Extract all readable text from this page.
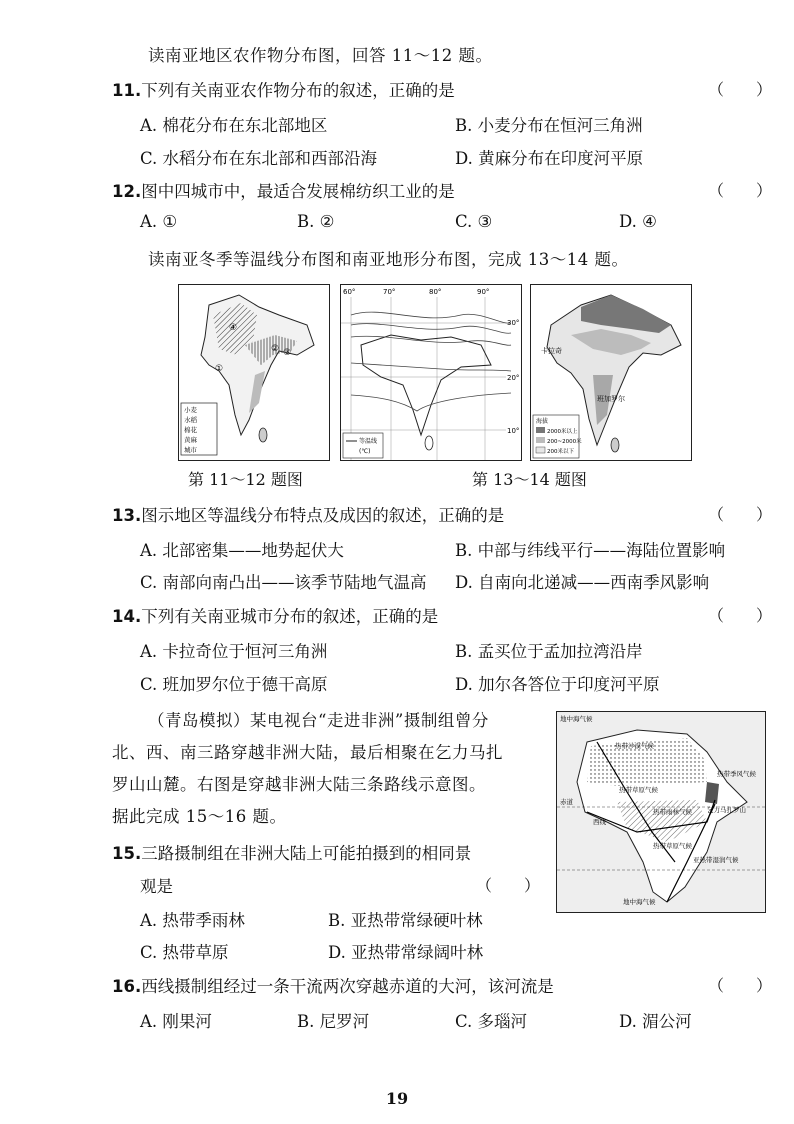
读南亚地区农作物分布图，回答 11～12 题。
11.下列有关南亚农作物分布的叙述，正确的是	（　　）
A. 棉花分布在东北部地区	B. 小麦分布在恒河三角洲
C. 水稻分布在东北部和西部沿海	D. 黄麻分布在印度河平原
12.图中四城市中，最适合发展棉纺织工业的是	（　　）
A. ①	B. ②	C. ③	D. ④
读南亚冬季等温线分布图和南亚地形分布图，完成 13～14 题。
④
② ③
①
小麦
水稻
棉花
黄麻
城市
60°	70°	80°	90°
30°
20°
10°
等温线
(℃)
卡拉奇
班加罗尔
海拔
2000米以上
200~2000米
200米以下
第 11～12 题图	第 13～14 题图
13.图示地区等温线分布特点及成因的叙述，正确的是	（　　）
A. 北部密集——地势起伏大	B. 中部与纬线平行——海陆位置影响
C. 南部向南凸出——该季节陆地气温高 D. 自南向北递减——西南季风影响
14.下列有关南亚城市分布的叙述，正确的是	（　　）
A. 卡拉奇位于恒河三角洲	B. 孟买位于孟加拉湾沿岸
C. 班加罗尔位于德干高原	D. 加尔各答位于印度河平原
（青岛模拟）某电视台“走进非洲”摄制组曾分
北、西、南三路穿越非洲大陆，最后相聚在乞力马扎
罗山山麓。右图是穿越非洲大陆三条路线示意图。
据此完成 15～16 题。
地中海气候
热带沙漠气候
赤道
热带草原气候
热带雨林气候
热带季风气候
亚热带湿润气候
地中海气候
热带草原气候
西线
乞力马扎罗山
15.三路摄制组在非洲大陆上可能拍摄到的相同景
观是	（　　）
A. 热带季雨林	B. 亚热带常绿硬叶林
C. 热带草原	D. 亚热带常绿阔叶林
16.西线摄制组经过一条干流两次穿越赤道的大河，该河流是	（　　）
A. 刚果河	B. 尼罗河	C. 多瑙河	D. 湄公河
19
